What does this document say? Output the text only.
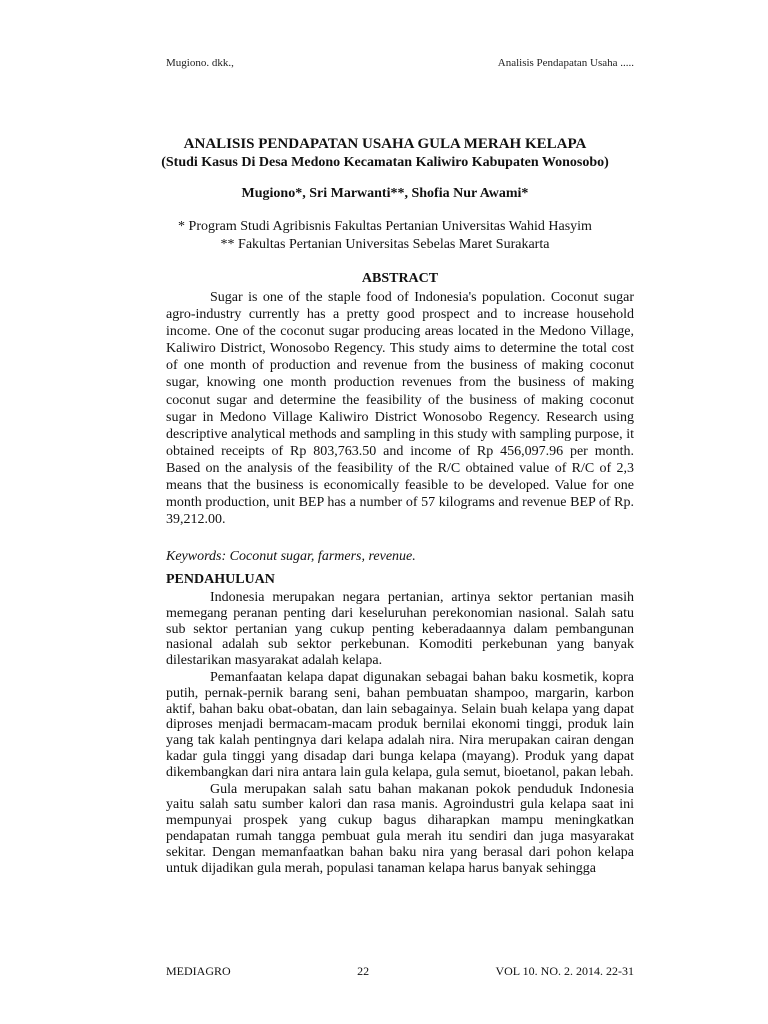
Mugiono. dkk.,	Analisis Pendapatan Usaha .....

ANALISIS PENDAPATAN USAHA GULA MERAH KELAPA

(Studi Kasus Di Desa Medono Kecamatan Kaliwiro Kabupaten Wonosobo)

Mugiono*, Sri Marwanti**, Shofia Nur Awami*

* Program Studi Agribisnis Fakultas Pertanian Universitas Wahid Hasyim
** Fakultas Pertanian Universitas Sebelas Maret Surakarta

ABSTRACT

Sugar is one of the staple food of Indonesia's population. Coconut sugar agro-industry currently has a pretty good prospect and to increase household income. One of the coconut sugar producing areas located in the Medono Village, Kaliwiro District, Wonosobo Regency. This study aims to determine the total cost of one month of production and revenue from the business of making coconut sugar, knowing one month production revenues from the business of making coconut sugar and determine the feasibility of the business of making coconut sugar in Medono Village Kaliwiro District Wonosobo Regency. Research using descriptive analytical methods and sampling in this study with sampling purpose, it obtained receipts of Rp 803,763.50 and income of Rp 456,097.96 per month. Based on the analysis of the feasibility of the R/C obtained value of R/C of 2,3 means that the business is economically feasible to be developed. Value for one month production, unit BEP has a number of 57 kilograms and revenue BEP of Rp. 39,212.00.

Keywords: Coconut sugar, farmers, revenue.

PENDAHULUAN

Indonesia merupakan negara pertanian, artinya sektor pertanian masih memegang peranan penting dari keseluruhan perekonomian nasional. Salah satu sub sektor pertanian yang cukup penting keberadaannya dalam pembangunan nasional adalah sub sektor perkebunan. Komoditi perkebunan yang banyak dilestarikan masyarakat adalah kelapa.

Pemanfaatan kelapa dapat digunakan sebagai bahan baku kosmetik, kopra putih, pernak-pernik barang seni, bahan pembuatan shampoo, margarin, karbon aktif, bahan baku obat-obatan, dan lain sebagainya. Selain buah kelapa yang dapat diproses menjadi bermacam-macam produk bernilai ekonomi tinggi, produk lain yang tak kalah pentingnya dari kelapa adalah nira. Nira merupakan cairan dengan kadar gula tinggi yang disadap dari bunga kelapa (mayang). Produk yang dapat dikembangkan dari nira antara lain gula kelapa, gula semut, bioetanol, pakan lebah.

Gula merupakan salah satu bahan makanan pokok penduduk Indonesia yaitu salah satu sumber kalori dan rasa manis. Agroindustri gula kelapa saat ini mempunyai prospek yang cukup bagus diharapkan mampu meningkatkan pendapatan rumah tangga pembuat gula merah itu sendiri dan juga masyarakat sekitar. Dengan memanfaatkan bahan baku nira yang berasal dari pohon kelapa untuk dijadikan gula merah, populasi tanaman kelapa harus banyak sehingga

MEDIAGRO	22	VOL 10. NO. 2. 2014. 22-31
